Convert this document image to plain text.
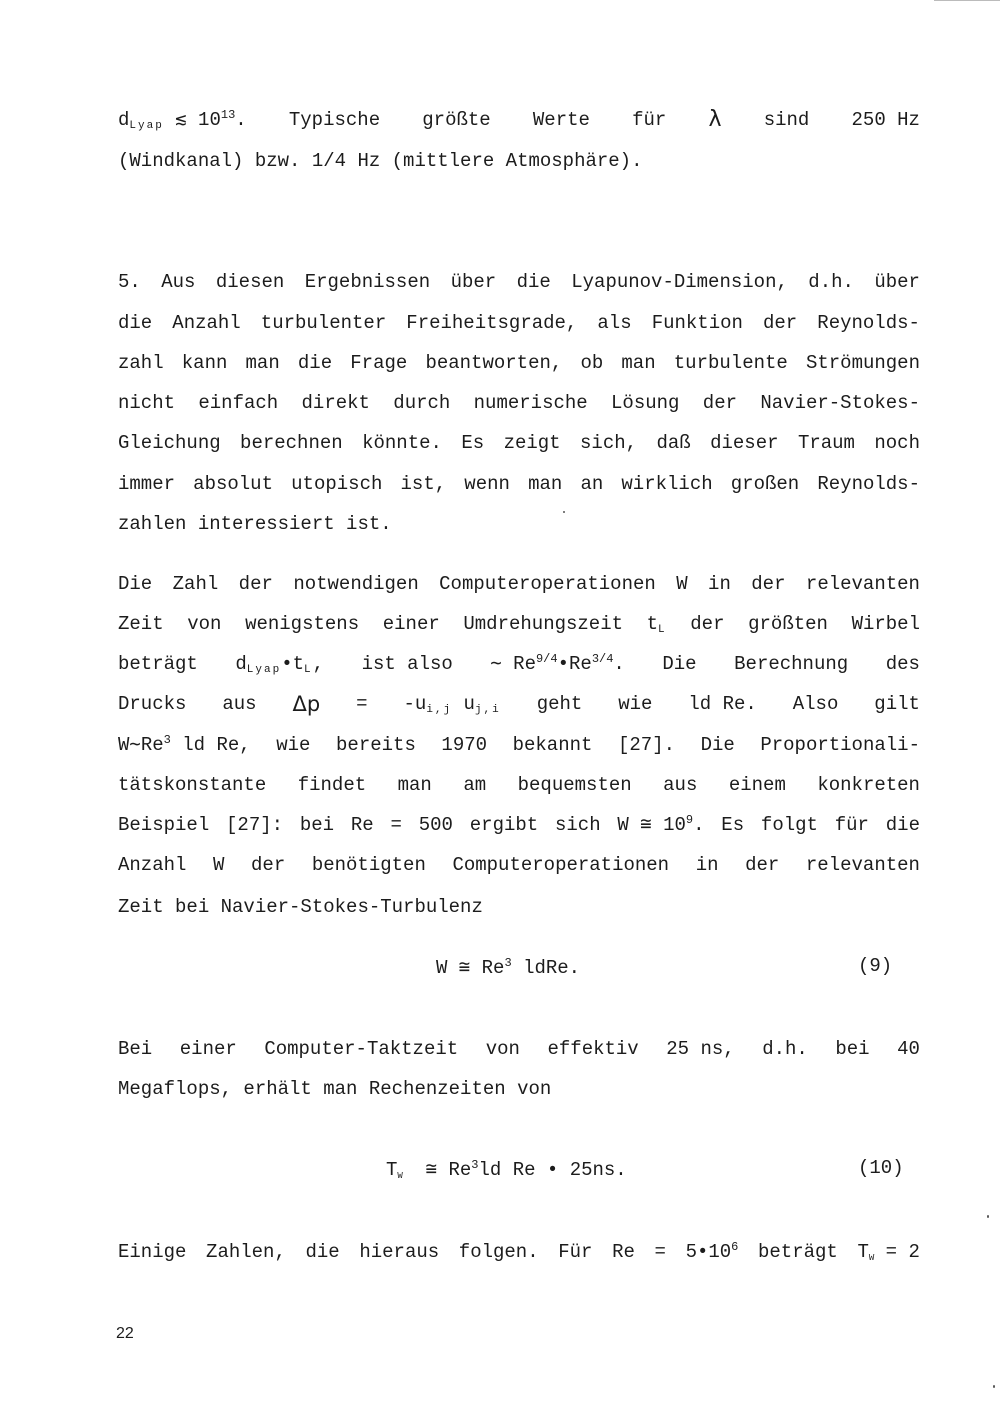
$d_{Lyap}$ ≲ $10^{13}$. Typische größte Werte für λ sind 250 Hz
(Windkanal) bzw. 1/4 Hz (mittlere Atmosphäre).
5. Aus diesen Ergebnissen über die Lyapunov-Dimension, d.h. über
die Anzahl turbulenter Freiheitsgrade, als Funktion der Reynolds-
zahl kann man die Frage beantworten, ob man turbulente Strömungen
nicht einfach direkt durch numerische Lösung der Navier-Stokes-
Gleichung berechnen könnte. Es zeigt sich, daß dieser Traum noch
immer absolut utopisch ist, wenn man an wirklich großen Reynolds-
zahlen interessiert ist.
Die Zahl der notwendigen Computeroperationen W in der relevanten
Zeit von wenigstens einer Umdrehungszeit $t_L$ der größten Wirbel
beträgt $d_{Lyap}•t_L$, ist also ∼ $Re^{9/4}•Re^{3/4}$. Die Berechnung des
Drucks aus $\Delta p = -u_{i,j}$ $u_{j,i}$ geht wie ld Re. Also gilt
W∼Re$^3$ ld Re, wie bereits 1970 bekannt [27]. Die Proportionali-
tätskonstante findet man am bequemsten aus einem konkreten
Beispiel [27]: bei Re = 500 ergibt sich W ≅ $10^9$. Es folgt für die
Anzahl W der benötigten Computeroperationen in der relevanten
Zeit bei Navier-Stokes-Turbulenz
W ≅ Re$^3$ ldRe.	(9)
Bei einer Computer-Taktzeit von effektiv 25 ns, d.h. bei 40
Megaflops, erhält man Rechenzeiten von
$T_W$ ≅ Re$^3$ld Re • 25ns.	(10)
Einige Zahlen, die hieraus folgen. Für $Re = 5•10^6$ beträgt $T_W = 2$
22
